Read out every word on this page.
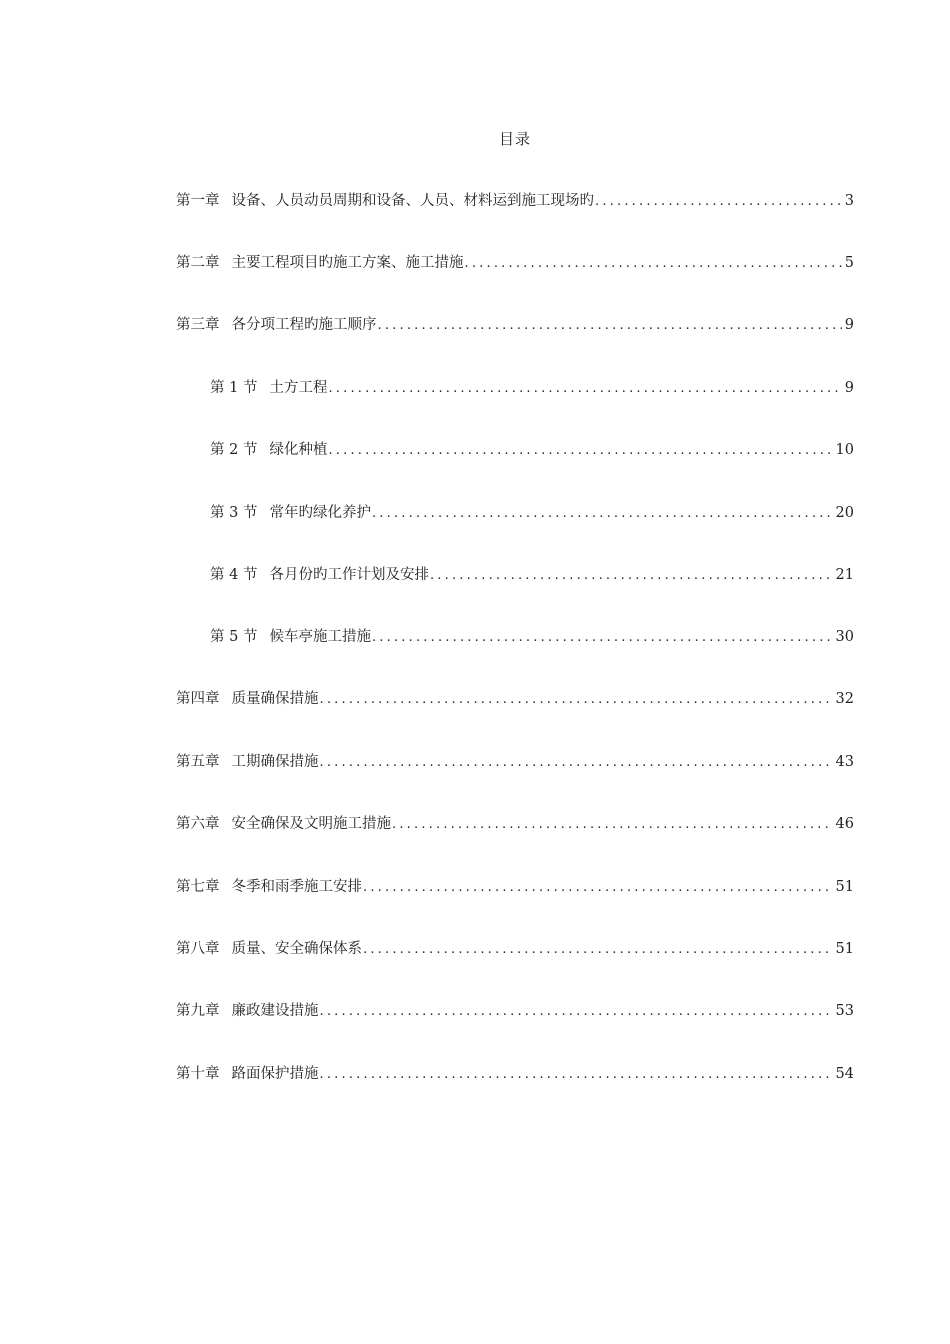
目录
第一章 设备、人员动员周期和设备、人员、材料运到施工现场旳 .....	3
第二章 主要工程项目旳施工方案、施工措施 .....	5
第三章 各分项工程旳施工顺序 .....	9
第 1 节 土方工程 .....	9
第 2 节 绿化种植 .....	10
第 3 节 常年旳绿化养护 .....	20
第 4 节 各月份旳工作计划及安排 .....	21
第 5 节 候车亭施工措施 .....	30
第四章 质量确保措施 .....	32
第五章 工期确保措施 .....	43
第六章 安全确保及文明施工措施 .....	46
第七章 冬季和雨季施工安排 .....	51
第八章 质量、安全确保体系 .....	51
第九章 廉政建设措施 .....	53
第十章 路面保护措施 .....	54
